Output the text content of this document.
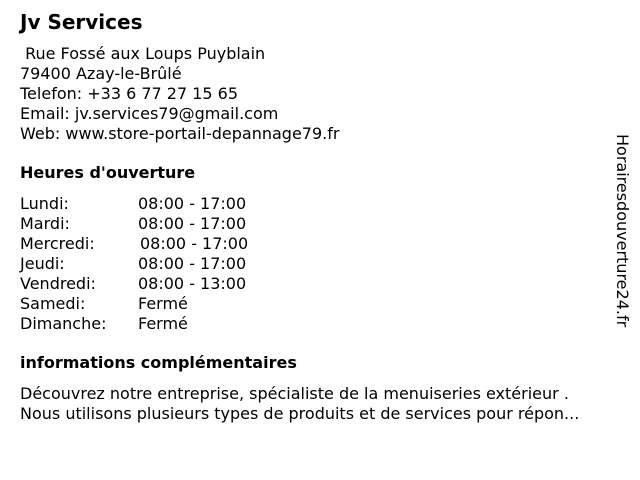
Jv Services
Rue Fossé aux Loups Puyblain
79400 Azay-le-Brûlé
Telefon: +33 6 77 27 15 65
Email: jv.services79@gmail.com
Web: www.store-portail-depannage79.fr
Heures d'ouverture
Lundi:	08:00 - 17:00
Mardi:	08:00 - 17:00
Mercredi:	08:00 - 17:00
Jeudi:	08:00 - 17:00
Vendredi:	08:00 - 13:00
Samedi:	Fermé
Dimanche: Fermé
informations complémentaires
Découvrez notre entreprise, spécialiste de la menuiseries extérieur .
Nous utilisons plusieurs types de produits et de services pour répon...
Horairesdouverture24.fr
